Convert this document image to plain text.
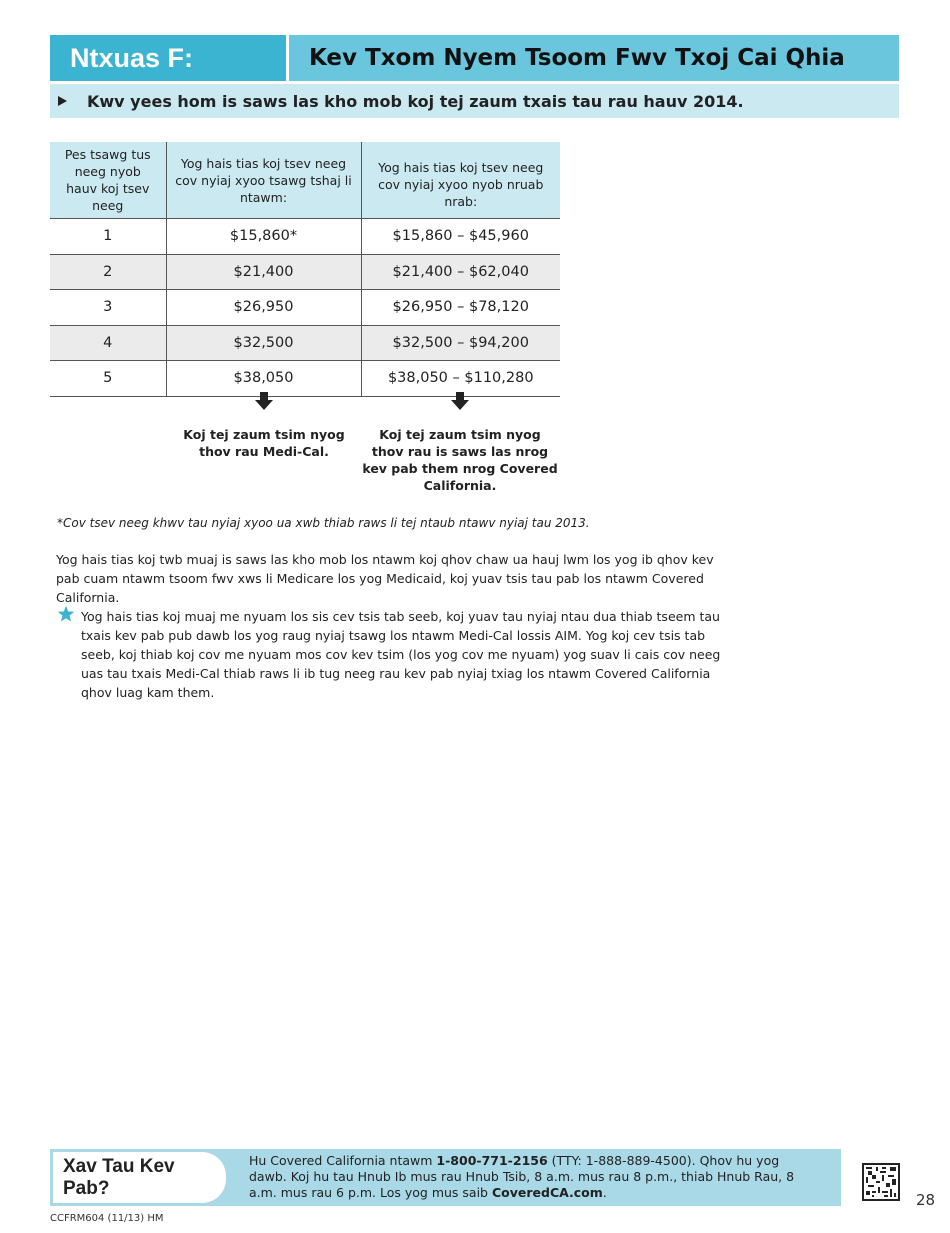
Ntxuas F:	Kev Txom Nyem Tsoom Fwv Txoj Cai Qhia
Kwv yees hom is saws las kho mob koj tej zaum txais tau rau hauv 2014.
Pes tsawg tus neeg nyob hauv koj tsev neeg	Yog hais tias koj tsev neeg cov nyiaj xyoo tsawg tshaj li ntawm:	Yog hais tias koj tsev neeg cov nyiaj xyoo nyob nruab nrab:
1	$15,860*	$15,860 – $45,960
2	$21,400	$21,400 – $62,040
3	$26,950	$26,950 – $78,120
4	$32,500	$32,500 – $94,200
5	$38,050	$38,050 – $110,280
Koj tej zaum tsim nyog thov rau Medi-Cal.
Koj tej zaum tsim nyog thov rau is saws las nrog kev pab them nrog Covered California.
*Cov tsev neeg khwv tau nyiaj xyoo ua xwb thiab raws li tej ntaub ntawv nyiaj tau 2013.
Yog hais tias koj twb muaj is saws las kho mob los ntawm koj qhov chaw ua hauj lwm los yog ib qhov kev pab cuam ntawm tsoom fwv xws li Medicare los yog Medicaid, koj yuav tsis tau pab los ntawm Covered California.
Yog hais tias koj muaj me nyuam los sis cev tsis tab seeb, koj yuav tau nyiaj ntau dua thiab tseem tau txais kev pab pub dawb los yog raug nyiaj tsawg los ntawm Medi-Cal lossis AIM. Yog koj cev tsis tab seeb, koj thiab koj cov me nyuam mos cov kev tsim (los yog cov me nyuam) yog suav li cais cov neeg uas tau txais Medi-Cal thiab raws li ib tug neeg rau kev pab nyiaj txiag los ntawm Covered California qhov luag kam them.
Xav Tau Kev Pab?
Hu Covered California ntawm 1-800-771-2156 (TTY: 1-888-889-4500). Qhov hu yog dawb. Koj hu tau Hnub Ib mus rau Hnub Tsib, 8 a.m. mus rau 8 p.m., thiab Hnub Rau, 8 a.m. mus rau 6 p.m. Los yog mus saib CoveredCA.com.
CCFRM604 (11/13) HM
28
